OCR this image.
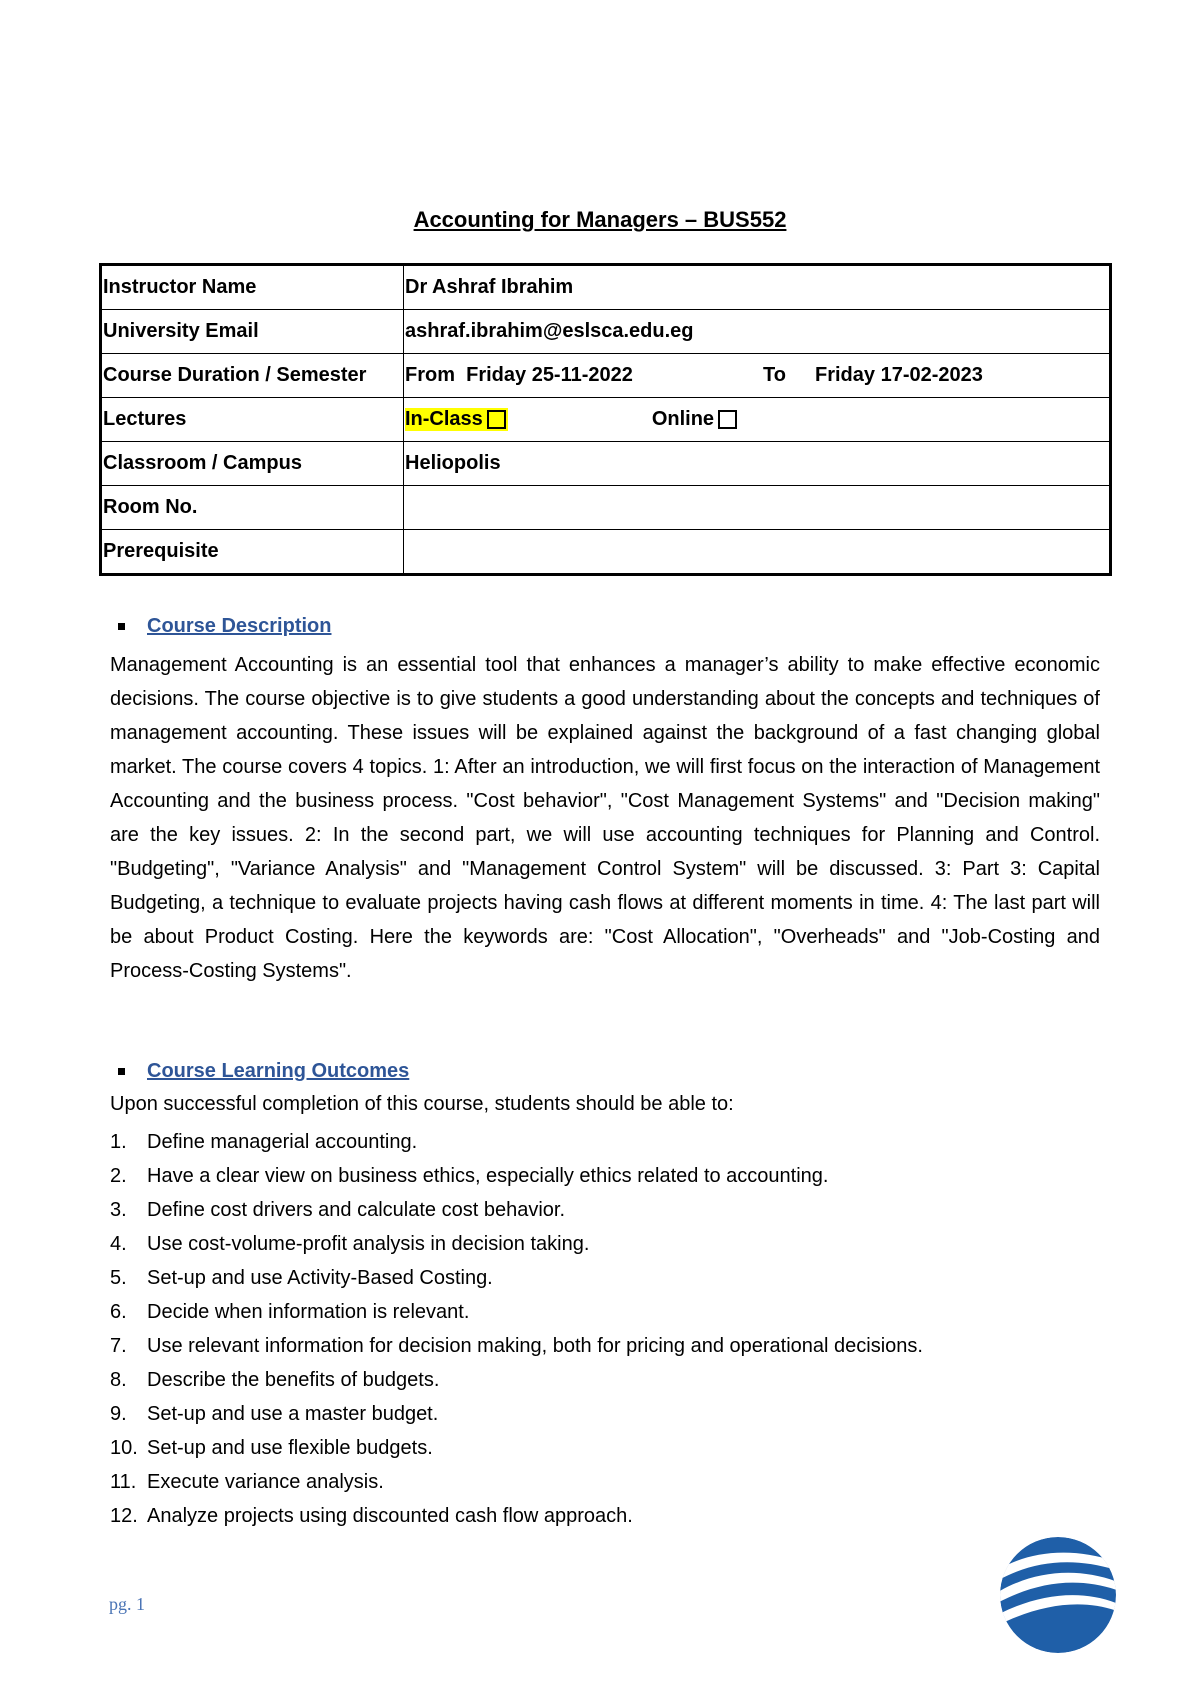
Accounting for Managers – BUS552
Instructor Name	Dr Ashraf Ibrahim
University Email	ashraf.ibrahim@eslsca.edu.eg
Course Duration / Semester	From  Friday 25-11-2022 To Friday 17-02-2023

Lectures	In-Class Online

Classroom / Campus	Heliopolis
Room No.	
Prerequisite	
Course Description

Management Accounting is an essential tool that enhances a manager’s ability to make effective economic decisions. The course objective is to give students a good understanding about the concepts and techniques of management accounting. These issues will be explained against the background of a fast changing global market. The course covers 4 topics. 1: After an introduction, we will first focus on the interaction of Management Accounting and the business process. "Cost behavior", "Cost Management Systems" and "Decision making" are the key issues. 2: In the second part, we will use accounting techniques for Planning and Control. "Budgeting", "Variance Analysis" and "Management Control System" will be discussed. 3: Part 3: Capital Budgeting, a technique to evaluate projects having cash flows at different moments in time. 4: The last part will be about Product Costing. Here the keywords are: "Cost Allocation", "Overheads" and "Job-Costing and Process-Costing Systems".

Course Learning Outcomes

Upon successful completion of this course, students should be able to:

1.	Define managerial accounting.
2.	Have a clear view on business ethics, especially ethics related to accounting.
3.	Define cost drivers and calculate cost behavior.
4.	Use cost-volume-profit analysis in decision taking.
5.	Set-up and use Activity-Based Costing.
6.	Decide when information is relevant.
7.	Use relevant information for decision making, both for pricing and operational decisions.
8.	Describe the benefits of budgets.
9.	Set-up and use a master budget.
10. Set-up and use flexible budgets.
11. Execute variance analysis.
12. Analyze projects using discounted cash flow approach.
pg. 1
